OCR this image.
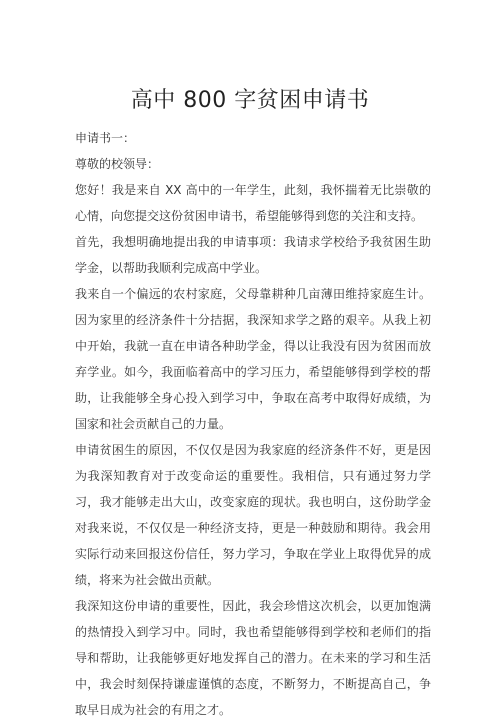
高中 800 字贫困申请书

申请书一：

尊敬的校领导：

您好！我是来自 XX 高中的一年学生，此刻，我怀揣着无比崇敬的心情，向您提交这份贫困申请书，希望能够得到您的关注和支持。

首先，我想明确地提出我的申请事项：我请求学校给予我贫困生助学金，以帮助我顺利完成高中学业。

我来自一个偏远的农村家庭，父母靠耕种几亩薄田维持家庭生计。因为家里的经济条件十分拮据，我深知求学之路的艰辛。从我上初中开始，我就一直在申请各种助学金，得以让我没有因为贫困而放弃学业。如今，我面临着高中的学习压力，希望能够得到学校的帮助，让我能够全身心投入到学习中，争取在高考中取得好成绩，为国家和社会贡献自己的力量。

申请贫困生的原因，不仅仅是因为我家庭的经济条件不好，更是因为我深知教育对于改变命运的重要性。我相信，只有通过努力学习，我才能够走出大山，改变家庭的现状。我也明白，这份助学金对我来说，不仅仅是一种经济支持，更是一种鼓励和期待。我会用实际行动来回报这份信任，努力学习，争取在学业上取得优异的成绩，将来为社会做出贡献。

我深知这份申请的重要性，因此，我会珍惜这次机会，以更加饱满的热情投入到学习中。同时，我也希望能够得到学校和老师们的指导和帮助，让我能够更好地发挥自己的潜力。在未来的学习和生活中，我会时刻保持谦虚谨慎的态度，不断努力，不断提高自己，争取早日成为社会的有用之才。
